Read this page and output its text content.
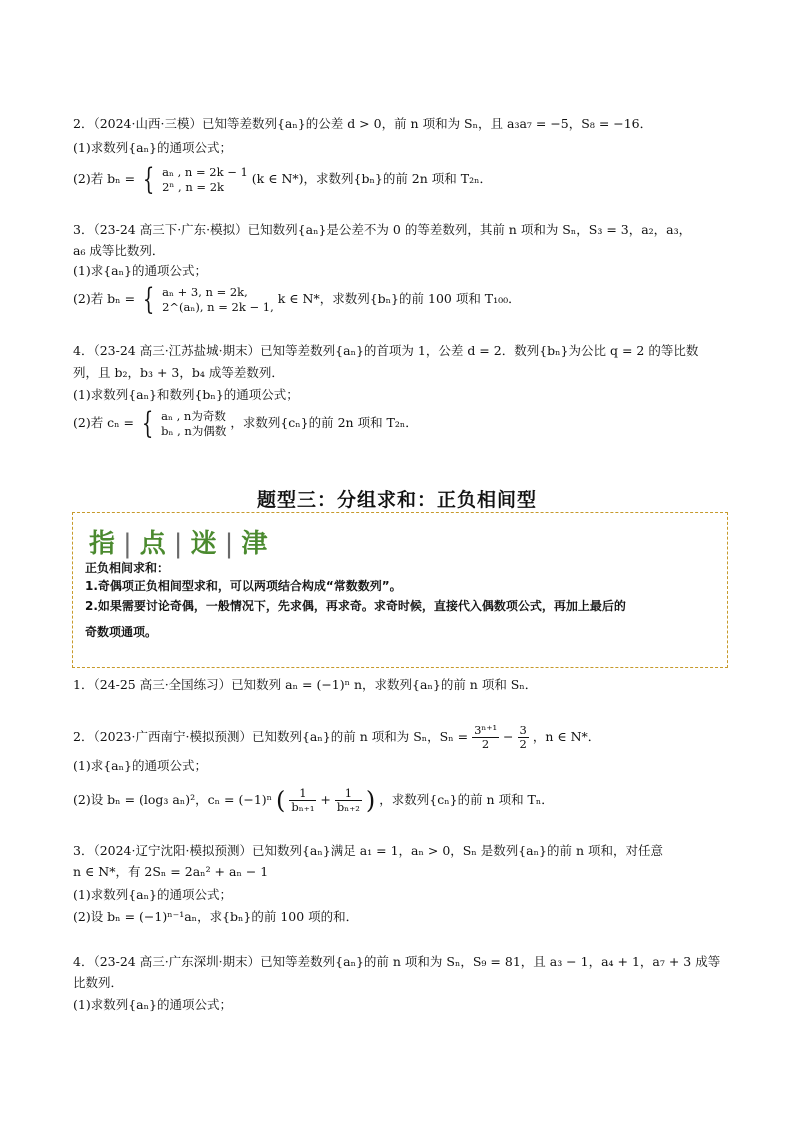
2．（2024·山西·三模）已知等差数列{aₙ}的公差 d > 0，前 n 项和为 Sₙ，且 a₃a₇ = −5，S₈ = −16．
(1)求数列{aₙ}的通项公式；
(2)若 bₙ = { aₙ , n = 2k − 1
2ⁿ , n = 2k
(k ∈ N*)，求数列{bₙ}的前 2n 项和 T₂ₙ．
3．（23-24 高三下·广东·模拟）已知数列{aₙ}是公差不为 0 的等差数列，其前 n 项和为 Sₙ，S₃ = 3，a₂，a₃，
a₆ 成等比数列．
(1)求{aₙ}的通项公式；
(2)若 bₙ = { aₙ + 3, n = 2k,
2^(aₙ), n = 2k − 1,
k ∈ N*，求数列{bₙ}的前 100 项和 T₁₀₀．
4．（23-24 高三·江苏盐城·期末）已知等差数列{aₙ}的首项为 1，公差 d = 2．数列{bₙ}为公比 q = 2 的等比数
列，且 b₂，b₃ + 3，b₄ 成等差数列．
(1)求数列{aₙ}和数列{bₙ}的通项公式；
(2)若 cₙ = { aₙ , n为奇数
bₙ , n为偶数
，求数列{cₙ}的前 2n 项和 T₂ₙ．
题型三：分组求和：正负相间型
指 | 点 | 迷 | 津
正负相间求和：
1.奇偶项正负相间型求和，可以两项结合构成“常数数列”。
2.如果需要讨论奇偶，一般情况下，先求偶，再求奇。求奇时候，直接代入偶数项公式，再加上最后的
奇数项通项。
1．（24-25 高三·全国练习）已知数列 aₙ = (−1)ⁿ n，求数列{aₙ}的前 n 项和 Sₙ．
2．（2023·广西南宁·模拟预测）已知数列{aₙ}的前 n 项和为 Sₙ，$S_n = \frac{\text{3ⁿ⁺¹}}{2} - \frac{3}{2}$ ，n ∈ N*．
(1)求{aₙ}的通项公式；
(2)设 bₙ = (log₃ aₙ)²，cₙ = (−1)ⁿ ( $\frac{1}{\text{bₙ₊₁}} + \frac{1}{\text{bₙ₊₂}}$ ) ，求数列{cₙ}的前 n 项和 Tₙ．
3．（2024·辽宁沈阳·模拟预测）已知数列{aₙ}满足 a₁ = 1，aₙ > 0，Sₙ 是数列{aₙ}的前 n 项和，对任意
n ∈ N*，有 2Sₙ = 2aₙ² + aₙ − 1
(1)求数列{aₙ}的通项公式；
(2)设 bₙ = (−1)ⁿ⁻¹aₙ，求{bₙ}的前 100 项的和．
4．（23-24 高三·广东深圳·期末）已知等差数列{aₙ}的前 n 项和为 Sₙ，S₉ = 81，且 a₃ − 1，a₄ + 1，a₇ + 3 成等
比数列．
(1)求数列{aₙ}的通项公式；
